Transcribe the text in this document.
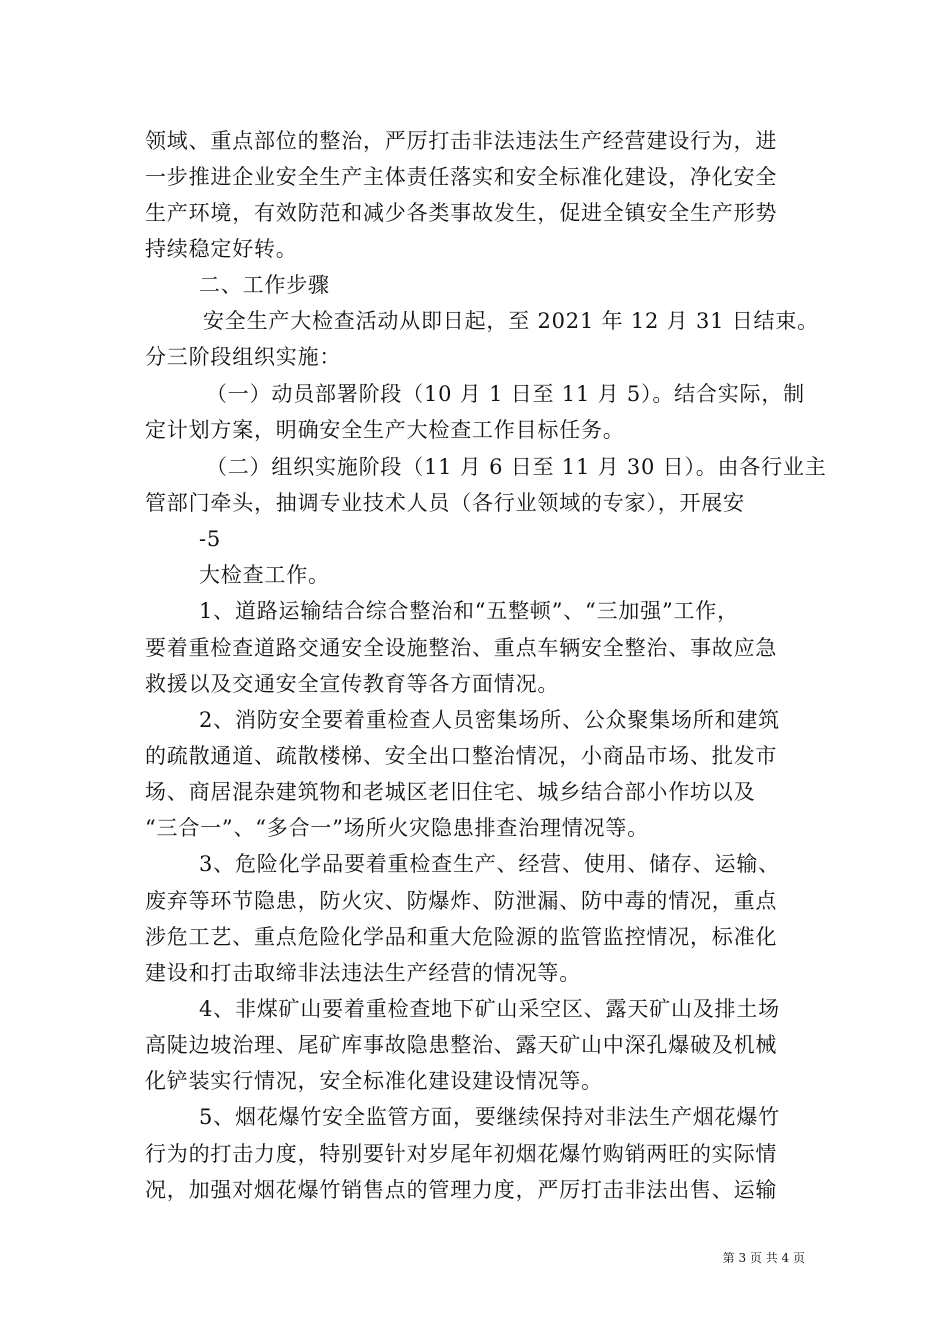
领域、重点部位的整治，严厉打击非法违法生产经营建设行为，进
一步推进企业安全生产主体责任落实和安全标准化建设，净化安全
生产环境，有效防范和减少各类事故发生，促进全镇安全生产形势
持续稳定好转。
二、工作步骤
安全生产大检查活动从即日起，至 2021 年 12 月 31 日结束。
分三阶段组织实施：
（一）动员部署阶段（10 月 1 日至 11 月 5）。结合实际，制
定计划方案，明确安全生产大检查工作目标任务。
（二）组织实施阶段（11 月 6 日至 11 月 30 日）。由各行业主
管部门牵头，抽调专业技术人员（各行业领域的专家），开展安
-5
大检查工作。
1、道路运输结合综合整治和“五整顿”、“三加强”工作，
要着重检查道路交通安全设施整治、重点车辆安全整治、事故应急
救援以及交通安全宣传教育等各方面情况。
2、消防安全要着重检查人员密集场所、公众聚集场所和建筑
的疏散通道、疏散楼梯、安全出口整治情况，小商品市场、批发市
场、商居混杂建筑物和老城区老旧住宅、城乡结合部小作坊以及
“三合一”、“多合一”场所火灾隐患排查治理情况等。
3、危险化学品要着重检查生产、经营、使用、储存、运输、
废弃等环节隐患，防火灾、防爆炸、防泄漏、防中毒的情况，重点
涉危工艺、重点危险化学品和重大危险源的监管监控情况，标准化
建设和打击取缔非法违法生产经营的情况等。
4、非煤矿山要着重检查地下矿山采空区、露天矿山及排土场
高陡边坡治理、尾矿库事故隐患整治、露天矿山中深孔爆破及机械
化铲装实行情况，安全标准化建设建设情况等。
5、烟花爆竹安全监管方面，要继续保持对非法生产烟花爆竹
行为的打击力度，特别要针对岁尾年初烟花爆竹购销两旺的实际情
况，加强对烟花爆竹销售点的管理力度，严厉打击非法出售、运输
第 3 页 共 4 页
